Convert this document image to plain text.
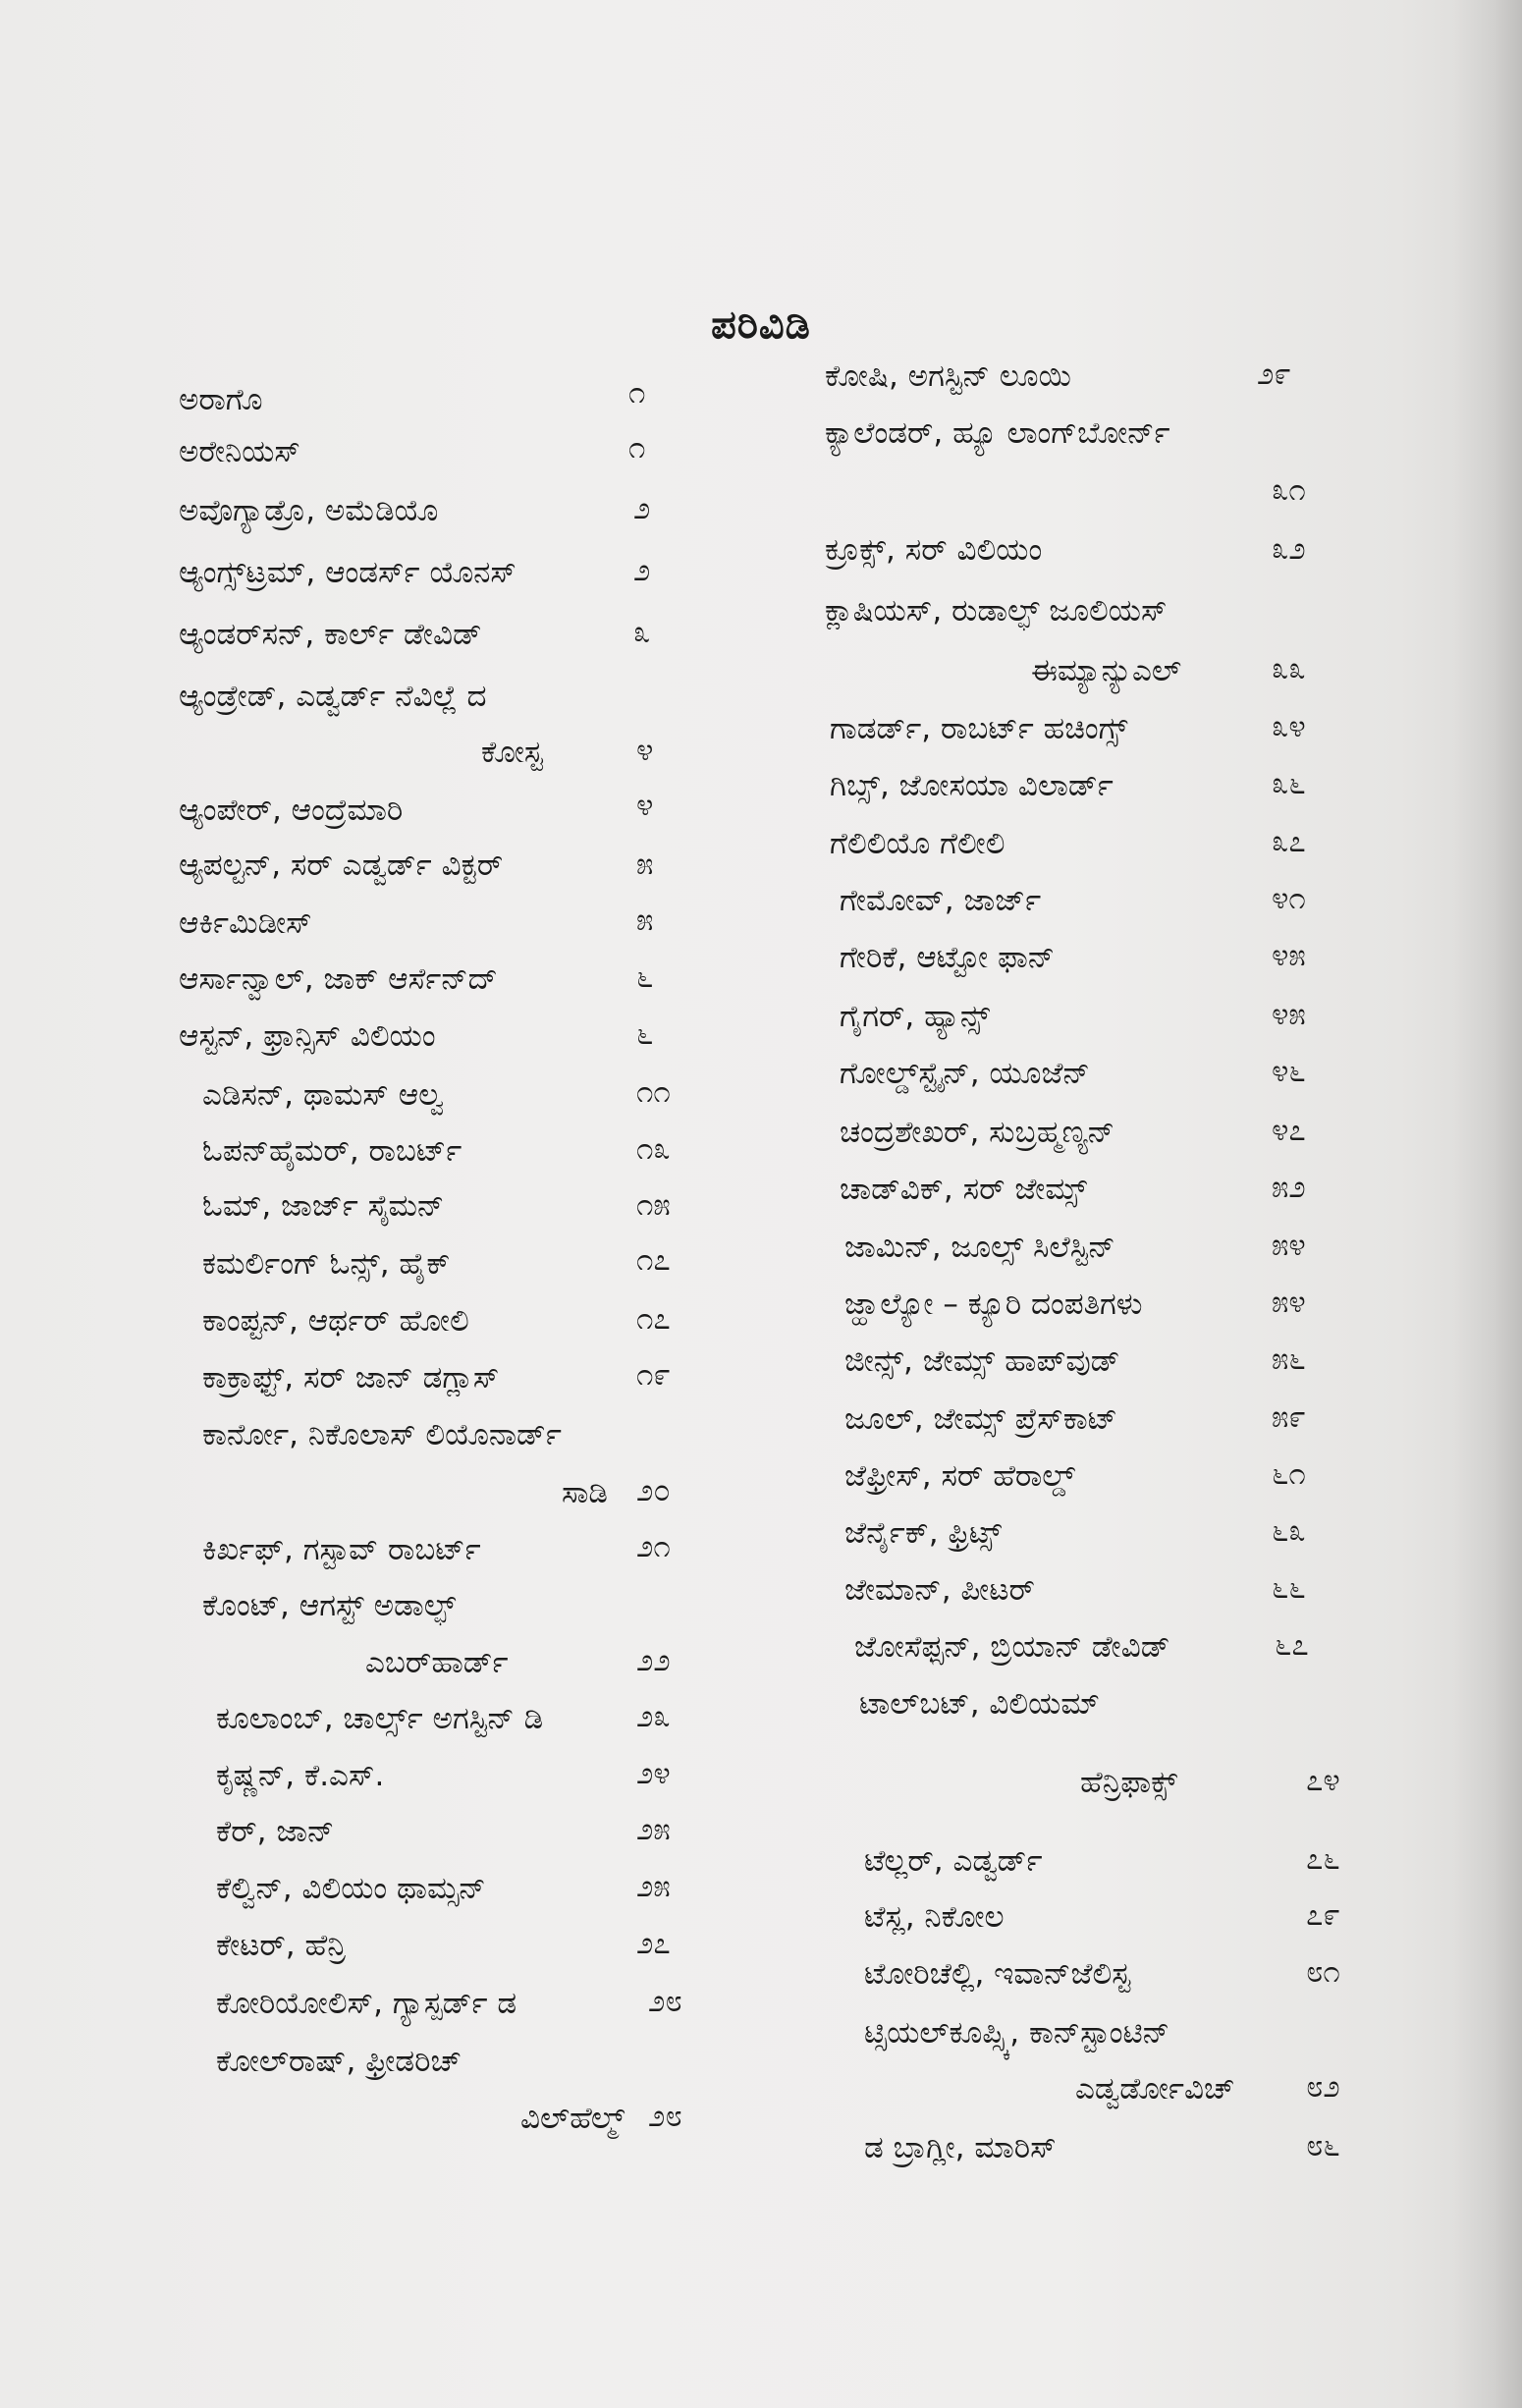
ಪರಿವಿಡಿ
ಅರಾಗೊ	೧
ಅರೇನಿಯಸ್	೧
ಅವೊಗ್ಯಾಡ್ರೊ, ಅಮೆಡಿಯೊ	೨
ಆ್ಯಂಗ್ಸ್‌ಟ್ರಮ್, ಆಂಡರ್ಸ್ ಯೊನಸ್	೨
ಆ್ಯಂಡರ್‌ಸನ್, ಕಾರ್ಲ್ ಡೇವಿಡ್	೩
ಆ್ಯಂಡ್ರೇಡ್, ಎಡ್ವರ್ಡ್ ನೆವಿಲ್ಲೆ ದ
ಕೋಸ್ಟ	೪
ಆ್ಯಂಪೇರ್, ಆಂದ್ರೆಮಾರಿ	೪
ಆ್ಯಪಲ್ಟನ್, ಸರ್ ಎಡ್ವರ್ಡ್ ವಿಕ್ಟರ್	೫
ಆರ್ಕಿಮಿಡೀಸ್	೫
ಆರ್ಸಾನ್ವಾಲ್, ಜಾಕ್ ಆರ್ಸೆನ್‌ದ್	೬
ಆಸ್ಟನ್, ಫ್ರಾನ್ಸಿಸ್ ವಿಲಿಯಂ	೬
ಎಡಿಸನ್, ಥಾಮಸ್ ಆಲ್ವ	೧೧
ಓಪನ್‌ಹೈಮರ್, ರಾಬರ್ಟ್	೧೩
ಓಮ್, ಜಾರ್ಜ್ ಸೈಮನ್	೧೫
ಕಮರ್ಲಿಂಗ್ ಓನ್ಸ್, ಹೈಕ್	೧೭
ಕಾಂಪ್ಟನ್, ಆರ್ಥರ್ ಹೋಲಿ	೧೭
ಕಾಕ್ರಾಫ್ಟ್, ಸರ್ ಜಾನ್ ಡಗ್ಲಾಸ್	೧೯
ಕಾರ್ನೋ, ನಿಕೊಲಾಸ್ ಲಿಯೊನಾರ್ಡ್
ಸಾಡಿ ೨೦
ಕಿರ್ಖಫ್, ಗಸ್ಟಾವ್ ರಾಬರ್ಟ್	೨೧
ಕೊಂಟ್, ಆಗಸ್ಟ್ ಅಡಾಲ್ಫ್
ಎಬರ್‌ಹಾರ್ಡ್	೨೨
ಕೂಲಾಂಬ್, ಚಾರ್ಲ್ಸ್ ಅಗಸ್ಟಿನ್ ಡಿ	೨೩
ಕೃಷ್ಣನ್, ಕೆ.ಎಸ್.	೨೪
ಕೆರ್, ಜಾನ್	೨೫
ಕೆಲ್ವಿನ್, ವಿಲಿಯಂ ಥಾಮ್ಸನ್	೨೫
ಕೇಟರ್, ಹೆನ್ರಿ	೨೭
ಕೋರಿಯೋಲಿಸ್, ಗ್ಯಾಸ್ಪರ್ಡ್ ಡ	೨೮
ಕೋಲ್‌ರಾಷ್, ಫ್ರೀಡರಿಚ್
ವಿಲ್‌ಹೆಲ್ಮ್ ೨೮
ಕೋಷಿ, ಅಗಸ್ಟಿನ್ ಲೂಯಿ	೨೯
ಕ್ಯಾಲೆಂಡರ್, ಹ್ಯೂ ಲಾಂಗ್‌ಬೋರ್ನ್
೩೧
ಕ್ರೂಕ್ಸ್, ಸರ್ ವಿಲಿಯಂ	೩೨
ಕ್ಲಾಷಿಯಸ್, ರುಡಾಲ್ಫ್ ಜೂಲಿಯಸ್
ಈಮ್ಯಾನ್ಯುಎಲ್	೩೩
ಗಾಡರ್ಡ್, ರಾಬರ್ಟ್ ಹಚಿಂಗ್ಸ್	೩೪
ಗಿಬ್ಸ್, ಜೋಸಯಾ ವಿಲಾರ್ಡ್	೩೬
ಗೆಲಿಲಿಯೊ ಗೆಲೀಲಿ	೩೭
ಗೇಮೋವ್, ಜಾರ್ಜ್	೪೧
ಗೇರಿಕೆ, ಆಟ್ಟೋ ಫಾನ್	೪೫
ಗೈಗರ್, ಹ್ಯಾನ್ಸ್	೪೫
ಗೋಲ್ಡ್‌ಸ್ಟೈನ್, ಯೂಜೆನ್	೪೬
ಚಂದ್ರಶೇಖರ್, ಸುಬ್ರಹ್ಮಣ್ಯನ್	೪೭
ಚಾಡ್‌ವಿಕ್, ಸರ್ ಜೇಮ್ಸ್	೫೨
ಜಾಮಿನ್, ಜೂಲ್ಸ್ ಸಿಲೆಸ್ಟಿನ್	೫೪
ಜ್ಹಾಲ್ಯೋ – ಕ್ಯೂರಿ ದಂಪತಿಗಳು	೫೪
ಜೀನ್ಸ್, ಜೇಮ್ಸ್ ಹಾಪ್‌ವುಡ್	೫೬
ಜೂಲ್, ಜೇಮ್ಸ್ ಪ್ರೆಸ್‌ಕಾಟ್	೫೯
ಜೆಫ್ರೀಸ್, ಸರ್ ಹೆರಾಲ್ಡ್	೬೧
ಜೆರ್ನೈಕ್, ಫ್ರಿಟ್ಸ್	೬೩
ಜೇಮಾನ್, ಪೀಟರ್	೬೬
ಜೋಸೆಫ್ಸನ್, ಬ್ರಿಯಾನ್ ಡೇವಿಡ್	೬೭
ಟಾಲ್‌ಬಟ್, ವಿಲಿಯಮ್
ಹೆನ್ರಿಫಾಕ್ಸ್	೭೪
ಟೆಲ್ಲರ್, ಎಡ್ವರ್ಡ್	೭೬
ಟೆಸ್ಲ, ನಿಕೋಲ	೭೯
ಟೋರಿಚೆಲ್ಲಿ, ಇವಾನ್‌ಜೆಲಿಸ್ಟ	೮೧
ಟ್ಸಿಯಲ್‌ಕೂಪ್ಸ್ಕಿ, ಕಾನ್‌ಸ್ಟಾಂಟಿನ್
ಎಡ್ವರ್ಡೋವಿಚ್ ೮೨
ಡ ಬ್ರಾಗ್ಲೀ, ಮಾರಿಸ್	೮೬
